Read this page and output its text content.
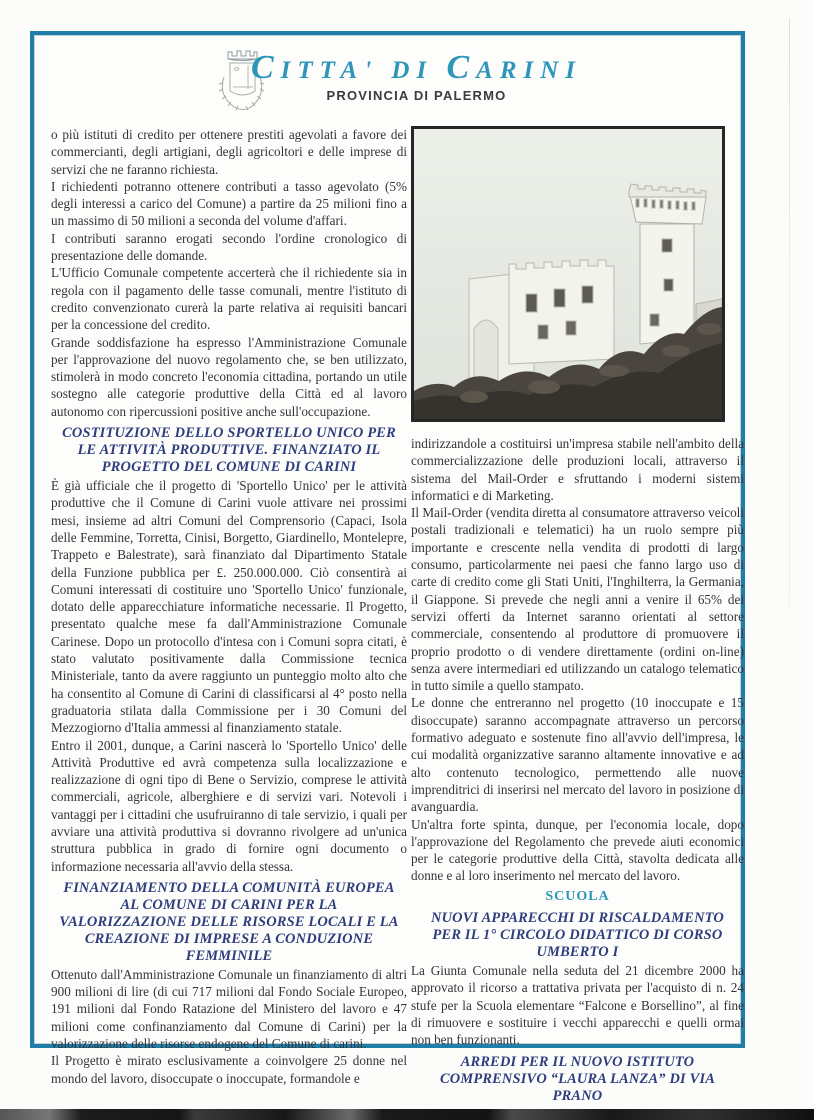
CITTA' DI CARINI
PROVINCIA DI PALERMO

o più istituti di credito per ottenere prestiti agevolati a favore dei commercianti, degli artigiani, degli agricoltori e delle imprese di servizi che ne faranno richiesta.

I richiedenti potranno ottenere contributi a tasso agevolato (5% degli interessi a carico del Comune) a partire da 25 milioni fino a un massimo di 50 milioni a seconda del volume d'affari.

I contributi saranno erogati secondo l'ordine cronologico di presentazione delle domande.

L'Ufficio Comunale competente accerterà che il richiedente sia in regola con il pagamento delle tasse comunali, mentre l'istituto di credito convenzionato curerà la parte relativa ai requisiti bancari per la concessione del credito.

Grande soddisfazione ha espresso l'Amministrazione Comunale per l'approvazione del nuovo regolamento che, se ben utilizzato, stimolerà in modo concreto l'economia cittadina, portando un utile sostegno alle categorie produttive della Città ed al lavoro autonomo con ripercussioni positive anche sull'occupazione.

COSTITUZIONE DELLO SPORTELLO UNICO PER LE ATTIVITÀ PRODUTTIVE. FINANZIATO IL PROGETTO DEL COMUNE DI CARINI

È già ufficiale che il progetto di 'Sportello Unico' per le attività produttive che il Comune di Carini vuole attivare nei prossimi mesi, insieme ad altri Comuni del Comprensorio (Capaci, Isola delle Femmine, Torretta, Cinisi, Borgetto, Giardinello, Montelepre, Trappeto e Balestrate), sarà finanziato dal Dipartimento Statale della Funzione pubblica per £. 250.000.000. Ciò consentirà ai Comuni interessati di costituire uno 'Sportello Unico' funzionale, dotato delle apparecchiature informatiche necessarie. Il Progetto, presentato qualche mese fa dall'Amministrazione Comunale Carinese. Dopo un protocollo d'intesa con i Comuni sopra citati, è stato valutato positivamente dalla Commissione tecnica Ministeriale, tanto da avere raggiunto un punteggio molto alto che ha consentito al Comune di Carini di classificarsi al 4° posto nella graduatoria stilata dalla Commissione per i 30 Comuni del Mezzogiorno d'Italia ammessi al finanziamento statale.

Entro il 2001, dunque, a Carini nascerà lo 'Sportello Unico' delle Attività Produttive ed avrà competenza sulla localizzazione e realizzazione di ogni tipo di Bene o Servizio, comprese le attività commerciali, agricole, alberghiere e di servizi vari. Notevoli i vantaggi per i cittadini che usufruiranno di tale servizio, i quali per avviare una attività produttiva si dovranno rivolgere ad un'unica struttura pubblica in grado di fornire ogni documento o informazione necessaria all'avvio della stessa.

FINANZIAMENTO DELLA COMUNITÀ EUROPEA AL COMUNE DI CARINI PER LA VALORIZZAZIONE DELLE RISORSE LOCALI E LA CREAZIONE DI IMPRESE A CONDUZIONE FEMMINILE

Ottenuto dall'Amministrazione Comunale un finanziamento di altri 900 milioni di lire (di cui 717 milioni dal Fondo Sociale Europeo, 191 milioni dal Fondo Ratazione del Ministero del lavoro e 47 milioni come confinanziamento dal Comune di Carini) per la valorizzazione delle risorse endogene del Comune di carini.

Il Progetto è mirato esclusivamente a coinvolgere 25 donne nel mondo del lavoro, disoccupate o inoccupate, formandole e

indirizzandole a costituirsi un'impresa stabile nell'ambito della commercializzazione delle produzioni locali, attraverso il sistema del Mail-Order e sfruttando i moderni sistemi informatici e di Marketing.

Il Mail-Order (vendita diretta al consumatore attraverso veicoli postali tradizionali e telematici) ha un ruolo sempre più importante e crescente nella vendita di prodotti di largo consumo, particolarmente nei paesi che fanno largo uso di carte di credito come gli Stati Uniti, l'Inghilterra, la Germania, il Giappone. Si prevede che negli anni a venire il 65% dei servizi offerti da Internet saranno orientati al settore commerciale, consentendo al produttore di promuovere il proprio prodotto o di vendere direttamente (ordini on-line) senza avere intermediari ed utilizzando un catalogo telematico in tutto simile a quello stampato.

Le donne che entreranno nel progetto (10 inoccupate e 15 disoccupate) saranno accompagnate attraverso un percorso formativo adeguato e sostenute fino all'avvio dell'impresa, le cui modalità organizzative saranno altamente innovative e ad alto contenuto tecnologico, permettendo alle nuove imprenditrici di inserirsi nel mercato del lavoro in posizione di avanguardia.

Un'altra forte spinta, dunque, per l'economia locale, dopo l'approvazione del Regolamento che prevede aiuti economici per le categorie produttive della Città, stavolta dedicata alle donne e al loro inserimento nel mercato del lavoro.

SCUOLA
NUOVI APPARECCHI DI RISCALDAMENTO PER IL 1° CIRCOLO DIDATTICO DI CORSO UMBERTO I

La Giunta Comunale nella seduta del 21 dicembre 2000 ha approvato il ricorso a trattativa privata per l'acquisto di n. 24 stufe per la Scuola elementare “Falcone e Borsellino”, al fine di rimuovere e sostituire i vecchi apparecchi e quelli ormai non ben funzionanti.

ARREDI PER IL NUOVO ISTITUTO COMPRENSIVO “LAURA LANZA” DI VIA PRANO
